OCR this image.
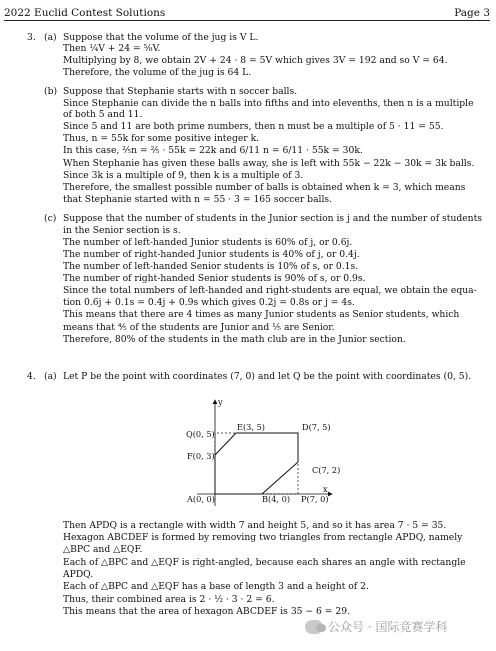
2022 Euclid Contest Solutions	Page 3
3. (a) Suppose that the volume of the jug is V L.
Then ¼V + 24 = ⅝V.
Multiplying by 8, we obtain 2V + 24 · 8 = 5V which gives 3V = 192 and so V = 64.
Therefore, the volume of the jug is 64 L.
(b) Suppose that Stephanie starts with n soccer balls.
Since Stephanie can divide the n balls into fifths and into elevenths, then n is a multiple
of both 5 and 11.
Since 5 and 11 are both prime numbers, then n must be a multiple of 5 · 11 = 55.
Thus, n = 55k for some positive integer k.
In this case, ⅖n = ⅖ · 55k = 22k and 6/11 n = 6/11 · 55k = 30k.
When Stephanie has given these balls away, she is left with 55k − 22k − 30k = 3k balls.
Since 3k is a multiple of 9, then k is a multiple of 3.
Therefore, the smallest possible number of balls is obtained when k = 3, which means
that Stephanie started with n = 55 · 3 = 165 soccer balls.
(c) Suppose that the number of students in the Junior section is j and the number of students
in the Senior section is s.
The number of left-handed Junior students is 60% of j, or 0.6j.
The number of right-handed Junior students is 40% of j, or 0.4j.
The number of left-handed Senior students is 10% of s, or 0.1s.
The number of right-handed Senior students is 90% of s, or 0.9s.
Since the total numbers of left-handed and right-students are equal, we obtain the equa-
tion 0.6j + 0.1s = 0.4j + 0.9s which gives 0.2j = 0.8s or j = 4s.
This means that there are 4 times as many Junior students as Senior students, which
means that ⅘ of the students are Junior and ⅕ are Senior.
Therefore, 80% of the students in the math club are in the Junior section.
4. (a) Let P be the point with coordinates (7, 0) and let Q be the point with coordinates (0, 5).
x
y
Q(0, 5)
E(3, 5)	D(7, 5)
F(0, 3)
C(7, 2)
A(0, 0)	B(4, 0) P(7, 0)
Then APDQ is a rectangle with width 7 and height 5, and so it has area 7 · 5 = 35.
Hexagon ABCDEF is formed by removing two triangles from rectangle APDQ, namely
△BPC and △EQF.
Each of △BPC and △EQF is right-angled, because each shares an angle with rectangle
APDQ.
Each of △BPC and △EQF has a base of length 3 and a height of 2.
Thus, their combined area is 2 · ½ · 3 · 2 = 6.
This means that the area of hexagon ABCDEF is 35 − 6 = 29.
公众号 · 国际竞赛学科
